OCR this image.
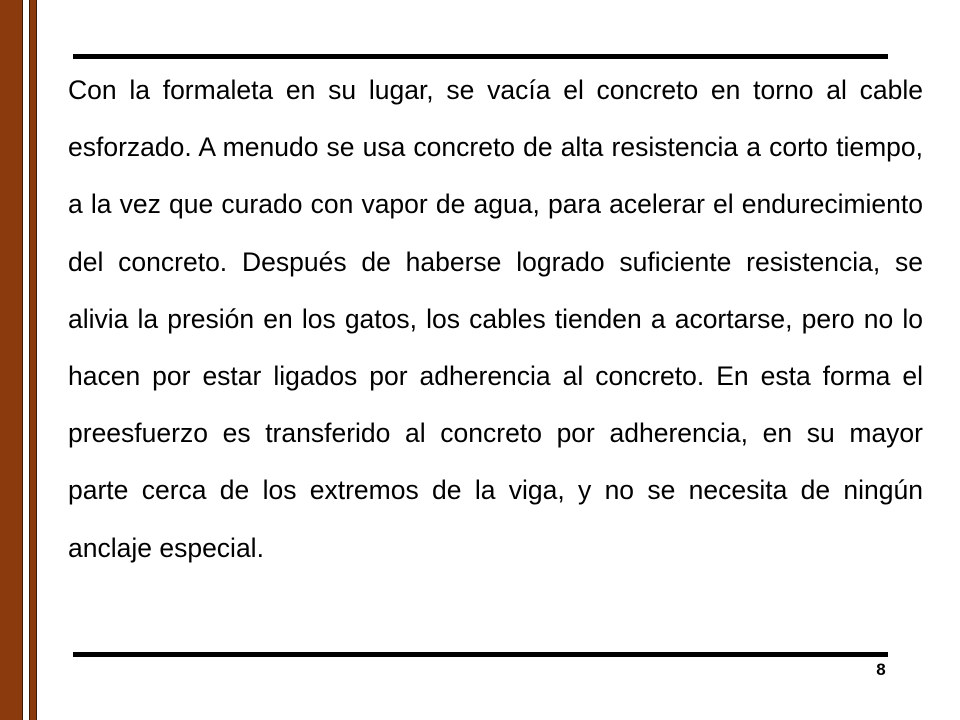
Con la formaleta en su lugar, se vacía el concreto en torno al cable esforzado. A menudo se usa concreto de alta resistencia a corto tiempo, a la vez que curado con vapor de agua, para acelerar el endurecimiento del concreto. Después de haberse logrado suficiente resistencia, se alivia la presión en los gatos, los cables tienden a acortarse, pero no lo hacen por estar ligados por adherencia al concreto. En esta forma el preesfuerzo es transferido al concreto por adherencia, en su mayor parte cerca de los extremos de la viga, y no se necesita de ningún anclaje especial.

8
